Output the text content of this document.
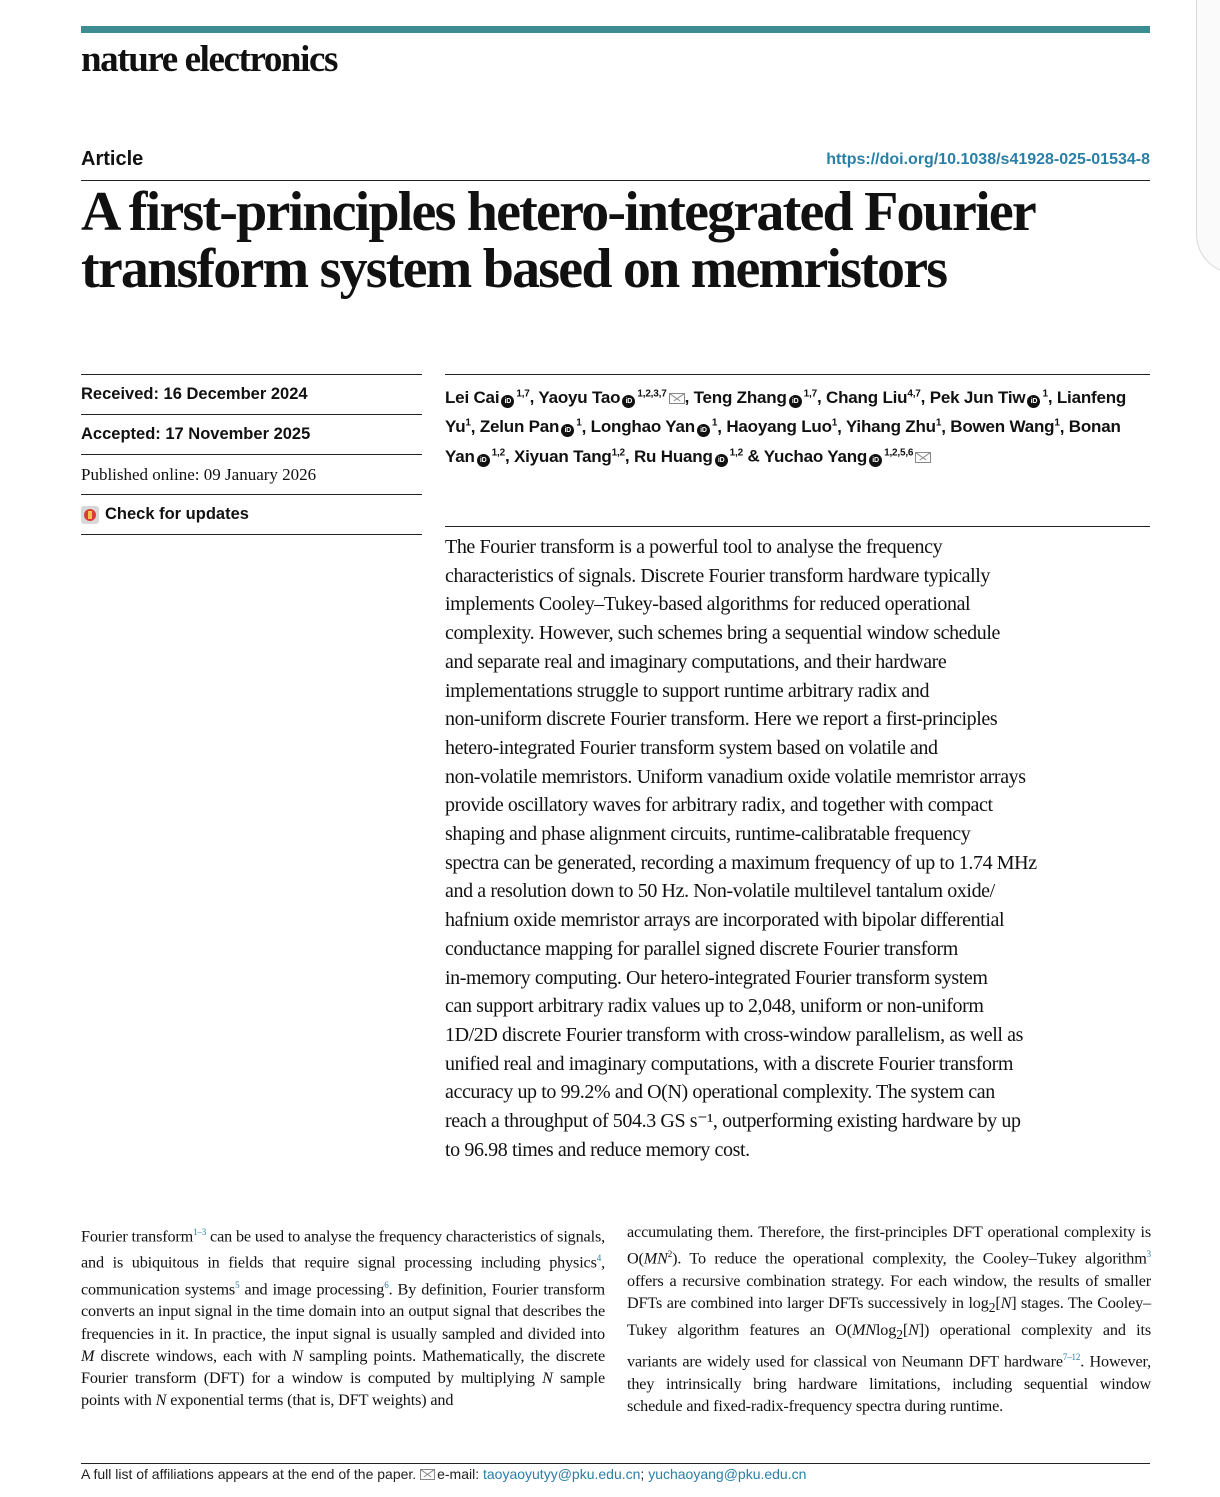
nature electronics
Article	https://doi.org/10.1038/s41928-025-01534-8
A first-principles hetero-integrated Fourier
transform system based on memristors
Received: 16 December 2024
Accepted: 17 November 2025
Published online: 09 January 2026
Check for updates
Lei Cai iD$^{1,7}$, Yaoyu Tao iD$^{1,2,3,7}$ , Teng Zhang iD$^{1,7}$, Chang Liu$^{4,7}$, Pek Jun Tiw $iD^1$, Lianfeng Yu$^1$, Zelun Pan $iD^1$, Longhao Yan $iD^1$, Haoyang Luo$^1$, Yihang Zhu$^1$, Bowen Wang$^1$, Bonan Yan iD$^{1,2}$, Xiyuan Tang$^{1,2}$, Ru Huang iD$^{1,2}$ & Yuchao Yang iD$^{1,2,5,6}$

The Fourier transform is a powerful tool to analyse the frequency
characteristics of signals. Discrete Fourier transform hardware typically
implements Cooley–Tukey-based algorithms for reduced operational
complexity. However, such schemes bring a sequential window schedule
and separate real and imaginary computations, and their hardware
implementations struggle to support runtime arbitrary radix and
non-uniform discrete Fourier transform. Here we report a first-principles
hetero-integrated Fourier transform system based on volatile and
non-volatile memristors. Uniform vanadium oxide volatile memristor arrays
provide oscillatory waves for arbitrary radix, and together with compact
shaping and phase alignment circuits, runtime-calibratable frequency
spectra can be generated, recording a maximum frequency of up to 1.74 MHz
and a resolution down to 50 Hz. Non-volatile multilevel tantalum oxide/
hafnium oxide memristor arrays are incorporated with bipolar differential
conductance mapping for parallel signed discrete Fourier transform
in-memory computing. Our hetero-integrated Fourier transform system
can support arbitrary radix values up to 2,048, uniform or non-uniform
1D/2D discrete Fourier transform with cross-window parallelism, as well as
unified real and imaginary computations, with a discrete Fourier transform
accuracy up to 99.2% and O(N) operational complexity. The system can
reach a throughput of 504.3 GS s⁻¹, outperforming existing hardware by up
to 96.98 times and reduce memory cost.

Fourier transform$^{1-3}$ can be used to analyse the frequency characteristics of signals, and is ubiquitous in fields that require signal processing including physics$^4$, communication systems$^5$ and image processing$^6$. By definition, Fourier transform converts an input signal in the time domain into an output signal that describes the frequencies in it. In practice, the input signal is usually sampled and divided into M discrete windows, each with N sampling points. Mathematically, the discrete Fourier transform (DFT) for a window is computed by multiplying N sample points with N exponential terms (that is, DFT weights) and

accumulating them. Therefore, the first-principles DFT operational complexity is $O(MN^2)$. To reduce the operational complexity, the Cooley–Tukey algorithm$^3$ offers a recursive combination strategy. For each window, the results of smaller DFTs are combined into larger DFTs successively in $\log_2[N]$ stages. The Cooley–Tukey algorithm features an O(MNlog$_2$[N]) operational complexity and its variants are widely used for classical von Neumann DFT hardware$^{7-12}$. However, they intrinsically bring hardware limitations, including sequential window schedule and fixed-radix-frequency spectra during runtime.

A full list of affiliations appears at the end of the paper. e-mail: taoyaoyutyy@pku.edu.cn; yuchaoyang@pku.edu.cn
